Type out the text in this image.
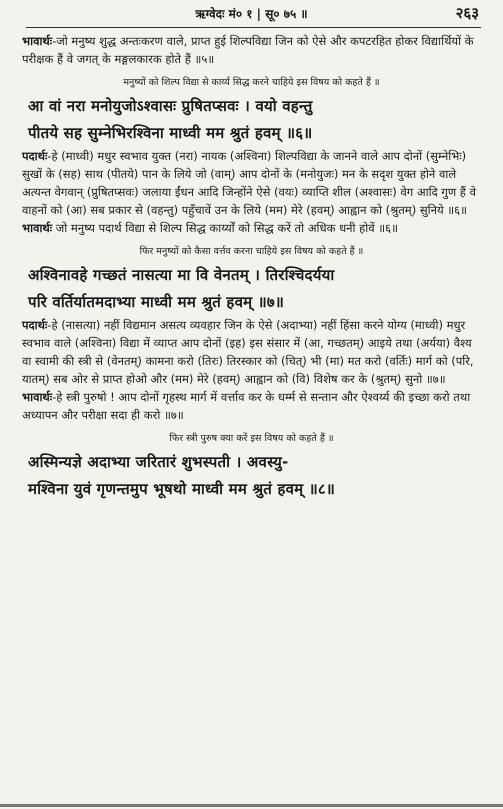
ऋग्वेदः मं० १ | सू० ७५ ॥	२६३

भावार्थः-जो मनुष्य शुद्ध अन्तःकरण वाले, प्राप्त हुई शिल्पविद्या जिन को ऐसे और कपटरहित होकर विद्यार्थियों के परीक्षक हैं वे जगत् के मङ्गलकारक होते हैं ॥५॥

मनुष्यों को शिल्प विद्या से कार्य्य सिद्ध करने चाहिये इस विषय को कहते हैं ॥

आ वां नरा मनोयुजोऽश्वासः प्रुषितप्सवः । वयो वहन्तु

पीतये सह सुम्नेभिरश्विना माध्वी मम श्रुतं हवम् ॥६॥

पदार्थः-हे (माध्वी) मधुर स्वभाव युक्त (नरा) नायक (अश्विना) शिल्पविद्या के जानने वाले आप दोनों (सुम्नेभिः) सुखों के (सह) साथ (पीतये) पान के लिये जो (वाम्) आप दोनों के (मनोयुजः) मन के सदृश युक्त होने वाले अत्यन्त वेगवान् (प्रुषितप्सवः) जलाया ईंधन आदि जिन्होंने ऐसे (वयः) व्याप्ति शील (अश्वासः) वेग आदि गुण हैं वे वाहनों को (आ) सब प्रकार से (वहन्तु) पहुँचावें उन के लिये (मम) मेरे (हवम्) आह्वान को (श्रुतम्) सुनिये ॥६॥

भावार्थः जो मनुष्य पदार्थ विद्या से शिल्प सिद्ध कार्य्यों को सिद्ध करें तो अधिक धनी होवें ॥६॥

फिर मनुष्यों को कैसा वर्त्तव करना चाहिये इस विषय को कहते हैं ॥

अश्विनावहे गच्छतं नासत्या मा वि वेनतम् । तिरश्चिदर्यया

परि वर्तिर्यातमदाभ्या माध्वी मम श्रुतं हवम् ॥७॥

पदार्थः-हे (नासत्या) नहीं विद्यमान असत्य व्यवहार जिन के ऐसे (अदाभ्या) नहीं हिंसा करने योग्य (माध्वी) मधुर स्वभाव वाले (अश्विना) विद्या में व्याप्त आप दोनों (इह) इस संसार में (आ, गच्छतम्) आइये तथा (अर्यया) वैश्य वा स्वामी की स्त्री से (वेनतम्) कामना करो (तिरः) तिरस्कार को (चित्) भी (मा) मत करो (वर्तिः) मार्ग को (परि, यातम्) सब ओर से प्राप्त होओ और (मम) मेरे (हवम्) आह्वान को (वि) विशेष कर के (श्रुतम्) सुनो ॥७॥

भावार्थः-हे स्त्री पुरुषो ! आप दोनों गृहस्थ मार्ग में वर्त्ताव कर के धर्म्म से सन्तान और ऐश्वर्य्य की इच्छा करो तथा अध्यापन और परीक्षा सदा ही करो ॥७॥

फिर स्त्री पुरुष क्या करें इस विषय को कहते हैं ॥

अस्मिन्यज्ञे अदाभ्या जरितारं शुभस्पती । अवस्यु-

मश्विना युवं गृणन्तमुप भूषथो माध्वी मम श्रुतं हवम् ॥८॥
